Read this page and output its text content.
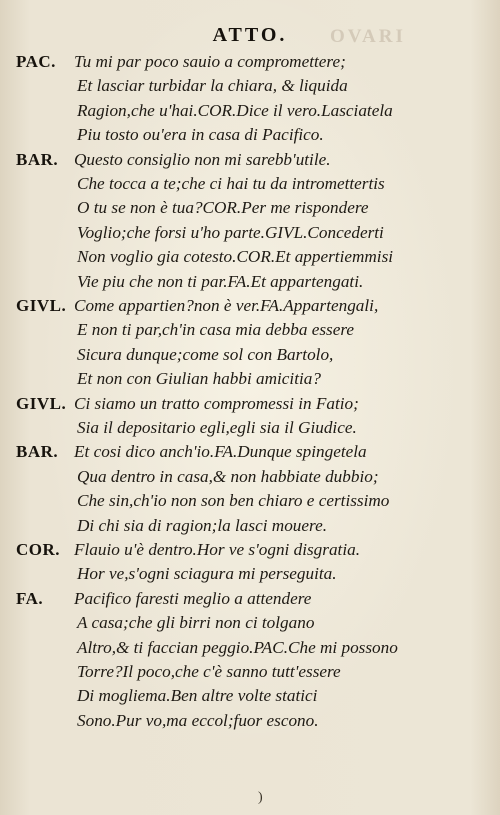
OVARI
ATTO.
PAC. Tu mi par poco sauio a compromettere;
Et lasciar turbidar la chiara, & liquida
Ragion,che u'hai.COR.Dice il vero.Lasciatela
Piu tosto ou'era in casa di Pacifico.
BAR. Questo consiglio non mi sarebb'utile.
Che tocca a te;che ci hai tu da intromettertis
O tu se non è tua?COR.Per me rispondere
Voglio;che forsi u'ho parte.GIVL.Concederti
Non voglio gia cotesto.COR.Et appertiemmisi
Vie piu che non ti par.FA.Et appartengati.
GIVL. Come appartien?non è ver.FA.Appartengali,
E non ti par,ch'in casa mia debba essere
Sicura dunque;come sol con Bartolo,
Et non con Giulian habbi amicitia?
GIVL. Ci siamo un tratto compromessi in Fatio;
Sia il depositario egli,egli sia il Giudice.
BAR. Et cosi dico anch'io.FA.Dunque spingetela
Qua dentro in casa,& non habbiate dubbio;
Che sin,ch'io non son ben chiaro e certissimo
Di chi sia di ragion;la lasci mouere.
COR. Flauio u'è dentro.Hor ve s'ogni disgratia.
Hor ve,s'ogni sciagura mi perseguita.
FA. Pacifico faresti meglio a attendere
A casa;che gli birri non ci tolgano
Altro,& ti faccian peggio.PAC.Che mi possono
Torre?Il poco,che c'è sanno tutt'essere
Di mogliema.Ben altre volte statici
Sono.Pur vo,ma eccol;fuor escono.
)
